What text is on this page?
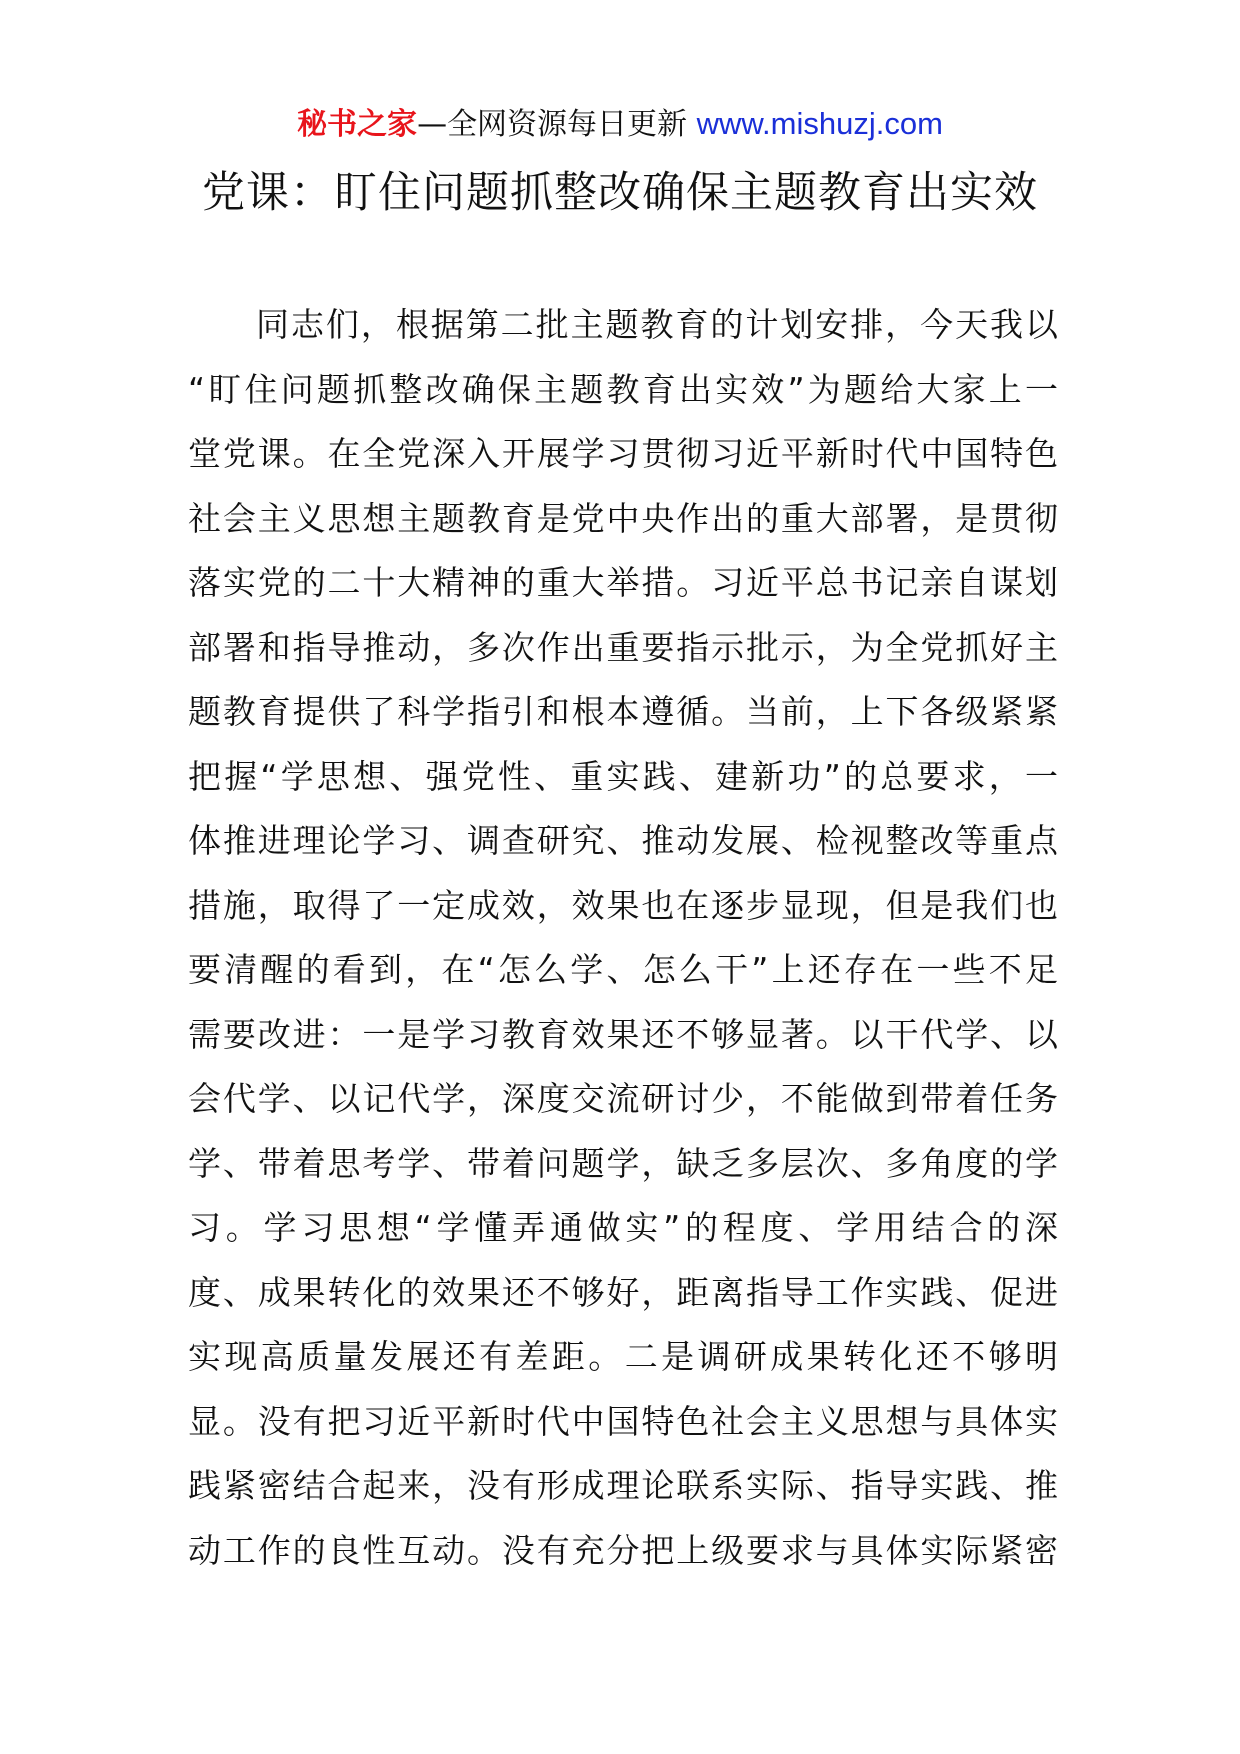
秘书之家—全网资源每日更新 www.mishuzj.com
党课：盯住问题抓整改确保主题教育出实效
同志们，根据第二批主题教育的计划安排，今天我以
“盯住问题抓整改确保主题教育出实效”为题给大家上一
堂党课。在全党深入开展学习贯彻习近平新时代中国特色
社会主义思想主题教育是党中央作出的重大部署，是贯彻
落实党的二十大精神的重大举措。习近平总书记亲自谋划
部署和指导推动，多次作出重要指示批示，为全党抓好主
题教育提供了科学指引和根本遵循。当前，上下各级紧紧
把握“学思想、强党性、重实践、建新功”的总要求，一
体推进理论学习、调查研究、推动发展、检视整改等重点
措施，取得了一定成效，效果也在逐步显现，但是我们也
要清醒的看到，在“怎么学、怎么干”上还存在一些不足
需要改进：一是学习教育效果还不够显著。以干代学、以
会代学、以记代学，深度交流研讨少，不能做到带着任务
学、带着思考学、带着问题学，缺乏多层次、多角度的学
习。学习思想“学懂弄通做实”的程度、学用结合的深
度、成果转化的效果还不够好，距离指导工作实践、促进
实现高质量发展还有差距。二是调研成果转化还不够明
显。没有把习近平新时代中国特色社会主义思想与具体实
践紧密结合起来，没有形成理论联系实际、指导实践、推
动工作的良性互动。没有充分把上级要求与具体实际紧密
